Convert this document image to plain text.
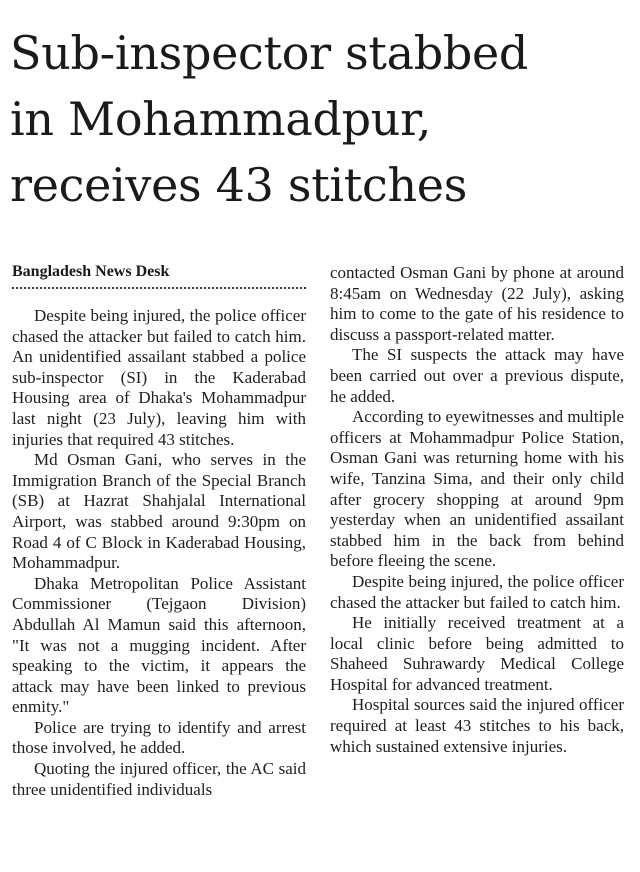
Sub-inspector stabbed
in Mohammadpur,
receives 43 stitches

Bangladesh News Desk

Despite being injured, the police officer chased the attacker but failed to catch him. An unidentified assailant stabbed a police sub-inspector (SI) in the Kaderabad Housing area of Dhaka's Mohammadpur last night (23 July), leaving him with injuries that required 43 stitches.

Md Osman Gani, who serves in the Immigration Branch of the Special Branch (SB) at Hazrat Shahjalal International Airport, was stabbed around 9:30pm on Road 4 of C Block in Kaderabad Housing, Mohammadpur.

Dhaka Metropolitan Police Assistant Commissioner (Tejgaon Division) Abdullah Al Mamun said this afternoon, "It was not a mugging incident. After speaking to the victim, it appears the attack may have been linked to previous enmity."

Police are trying to identify and arrest those involved, he added.

Quoting the injured officer, the AC said three unidentified individuals

contacted Osman Gani by phone at around 8:45am on Wednesday (22 July), asking him to come to the gate of his residence to discuss a passport-related matter.

The SI suspects the attack may have been carried out over a previous dispute, he added.

According to eyewitnesses and multiple officers at Mohammadpur Police Station, Osman Gani was returning home with his wife, Tanzina Sima, and their only child after grocery shopping at around 9pm yesterday when an unidentified assailant stabbed him in the back from behind before fleeing the scene.

Despite being injured, the police officer chased the attacker but failed to catch him.

He initially received treatment at a local clinic before being admitted to Shaheed Suhrawardy Medical College Hospital for advanced treatment.

Hospital sources said the injured officer required at least 43 stitches to his back, which sustained extensive injuries.
